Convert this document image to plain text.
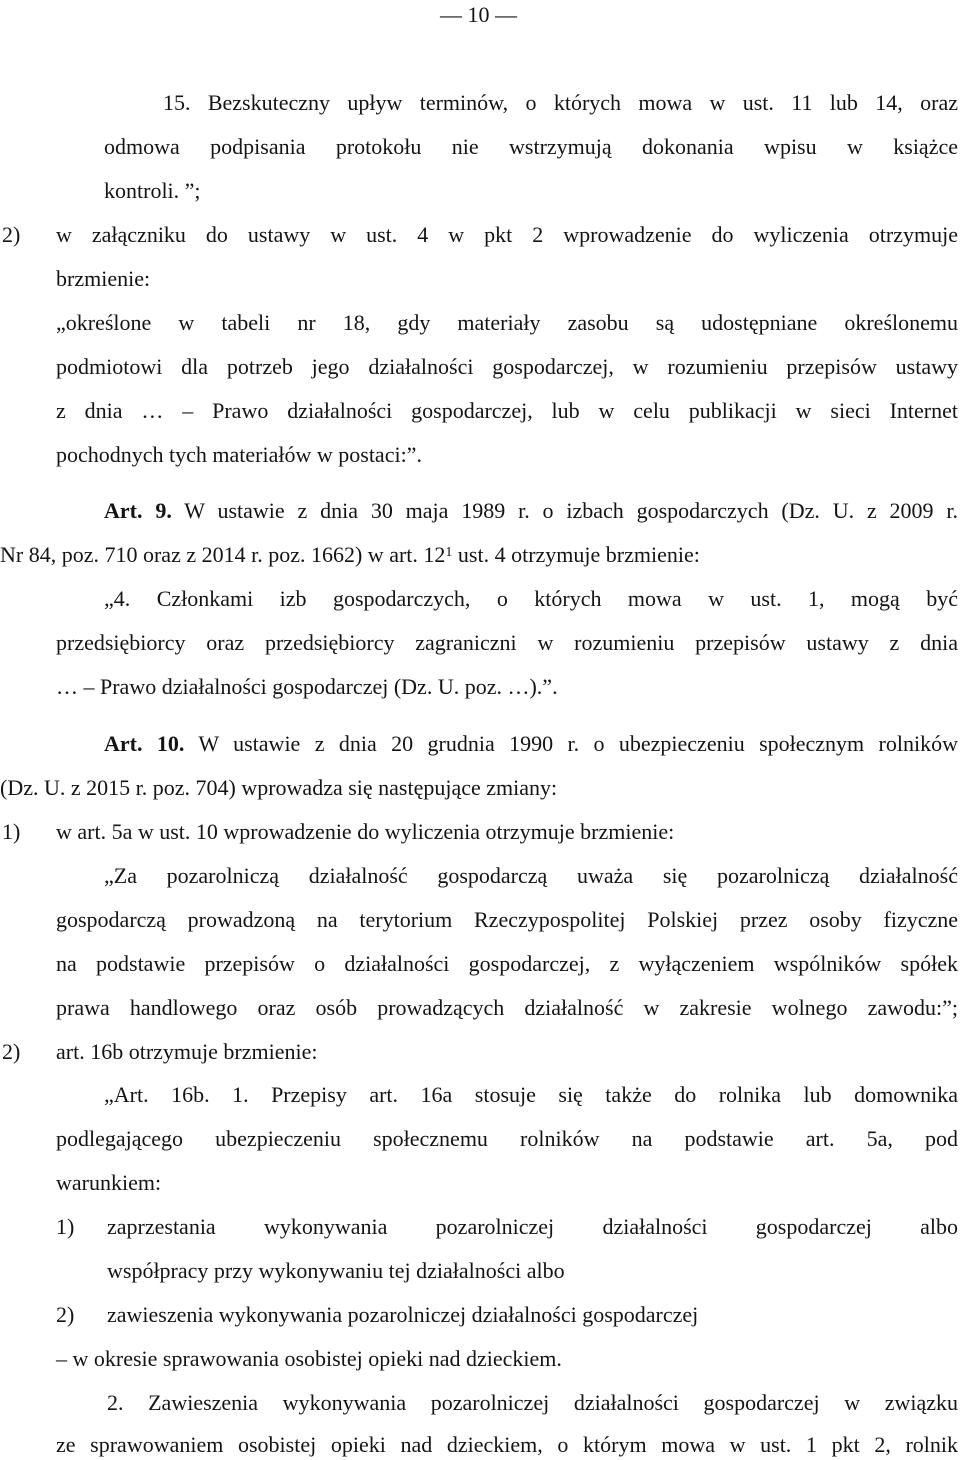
— 10 —
15. Bezskuteczny upływ terminów, o których mowa w ust. 11 lub 14, oraz
odmowa podpisania protokołu nie wstrzymują dokonania wpisu w książce
kontroli. ”;
2) w załączniku do ustawy w ust. 4 w pkt 2 wprowadzenie do wyliczenia otrzymuje
brzmienie:
„określone w tabeli nr 18, gdy materiały zasobu są udostępniane określonemu
podmiotowi dla potrzeb jego działalności gospodarczej, w rozumieniu przepisów ustawy
z dnia … – Prawo działalności gospodarczej, lub w celu publikacji w sieci Internet
pochodnych tych materiałów w postaci:”.
Art. 9. W ustawie z dnia 30 maja 1989 r. o izbach gospodarczych (Dz. U. z 2009 r.
Nr 84, poz. 710 oraz z 2014 r. poz. 1662) w art. $12^1$ ust. 4 otrzymuje brzmienie:
„4. Członkami izb gospodarczych, o których mowa w ust. 1, mogą być
przedsiębiorcy oraz przedsiębiorcy zagraniczni w rozumieniu przepisów ustawy z dnia
… – Prawo działalności gospodarczej (Dz. U. poz. …).”.
Art. 10. W ustawie z dnia 20 grudnia 1990 r. o ubezpieczeniu społecznym rolników
(Dz. U. z 2015 r. poz. 704) wprowadza się następujące zmiany:
1) w art. 5a w ust. 10 wprowadzenie do wyliczenia otrzymuje brzmienie:
„Za pozarolniczą działalność gospodarczą uważa się pozarolniczą działalność
gospodarczą prowadzoną na terytorium Rzeczypospolitej Polskiej przez osoby fizyczne
na podstawie przepisów o działalności gospodarczej, z wyłączeniem wspólników spółek
prawa handlowego oraz osób prowadzących działalność w zakresie wolnego zawodu:”;
2) art. 16b otrzymuje brzmienie:
„Art. 16b. 1. Przepisy art. 16a stosuje się także do rolnika lub domownika
podlegającego ubezpieczeniu społecznemu rolników na podstawie art. 5a, pod
warunkiem:
1) zaprzestania wykonywania pozarolniczej działalności gospodarczej albo
współpracy przy wykonywaniu tej działalności albo
2) zawieszenia wykonywania pozarolniczej działalności gospodarczej
– w okresie sprawowania osobistej opieki nad dzieckiem.
2. Zawieszenia wykonywania pozarolniczej działalności gospodarczej w związku
ze sprawowaniem osobistej opieki nad dzieckiem, o którym mowa w ust. 1 pkt 2, rolnik
